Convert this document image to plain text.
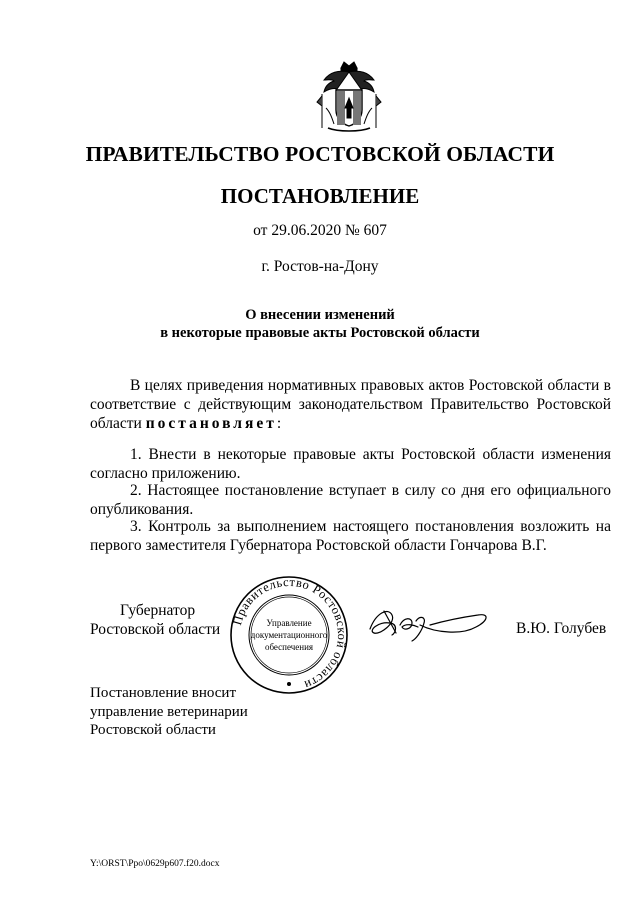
ПРАВИТЕЛЬСТВО РОСТОВСКОЙ ОБЛАСТИ
ПОСТАНОВЛЕНИЕ
от 29.06.2020 № 607
г. Ростов-на-Дону
О внесении изменений
в некоторые правовые акты Ростовской области
В целях приведения нормативных правовых актов Ростовской области в соответствие с действующим законодательством Правительство Ростовской области постановляет:
1. Внести в некоторые правовые акты Ростовской области изменения согласно приложению.
2. Настоящее постановление вступает в силу со дня его официального опубликования.
3. Контроль за выполнением настоящего постановления возложить на первого заместителя Губернатора Ростовской области Гончарова В.Г.
Губернатор
Ростовской области
Правительство Ростовской области
Управление
документационного
обеспечения
В.Ю. Голубев
Постановление вносит
управление ветеринарии
Ростовской области
Y:\ORST\Ppo\0629p607.f20.docx
